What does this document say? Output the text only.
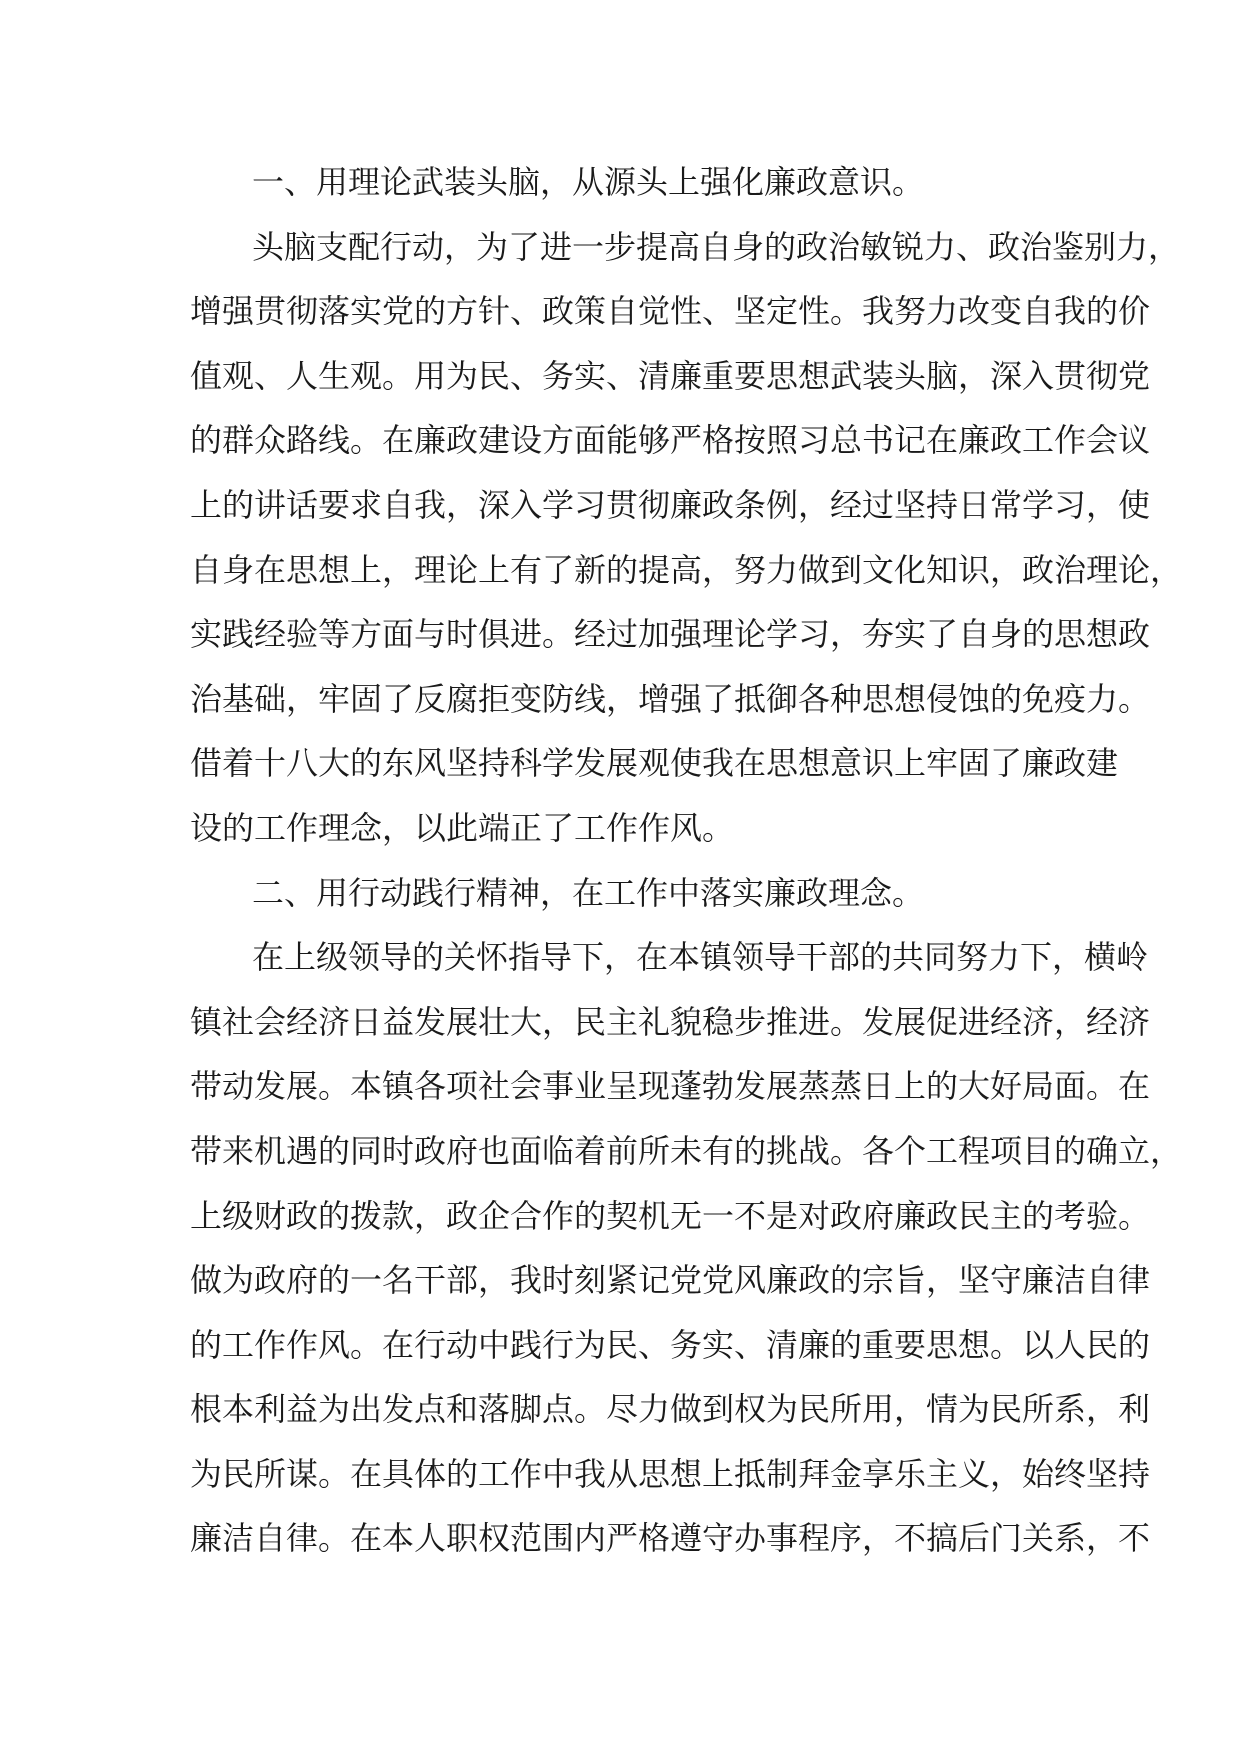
一、用理论武装头脑，从源头上强化廉政意识。
头脑支配行动，为了进一步提高自身的政治敏锐力、政治鉴别力，
增强贯彻落实党的方针、政策自觉性、坚定性。我努力改变自我的价
值观、人生观。用为民、务实、清廉重要思想武装头脑，深入贯彻党
的群众路线。在廉政建设方面能够严格按照习总书记在廉政工作会议
上的讲话要求自我，深入学习贯彻廉政条例，经过坚持日常学习，使
自身在思想上，理论上有了新的提高，努力做到文化知识，政治理论，
实践经验等方面与时俱进。经过加强理论学习，夯实了自身的思想政
治基础，牢固了反腐拒变防线，增强了抵御各种思想侵蚀的免疫力。
借着十八大的东风坚持科学发展观使我在思想意识上牢固了廉政建
设的工作理念，以此端正了工作作风。
二、用行动践行精神，在工作中落实廉政理念。
在上级领导的关怀指导下，在本镇领导干部的共同努力下，横岭
镇社会经济日益发展壮大，民主礼貌稳步推进。发展促进经济，经济
带动发展。本镇各项社会事业呈现蓬勃发展蒸蒸日上的大好局面。在
带来机遇的同时政府也面临着前所未有的挑战。各个工程项目的确立，
上级财政的拨款，政企合作的契机无一不是对政府廉政民主的考验。
做为政府的一名干部，我时刻紧记党党风廉政的宗旨，坚守廉洁自律
的工作作风。在行动中践行为民、务实、清廉的重要思想。以人民的
根本利益为出发点和落脚点。尽力做到权为民所用，情为民所系，利
为民所谋。在具体的工作中我从思想上抵制拜金享乐主义，始终坚持
廉洁自律。在本人职权范围内严格遵守办事程序，不搞后门关系，不
